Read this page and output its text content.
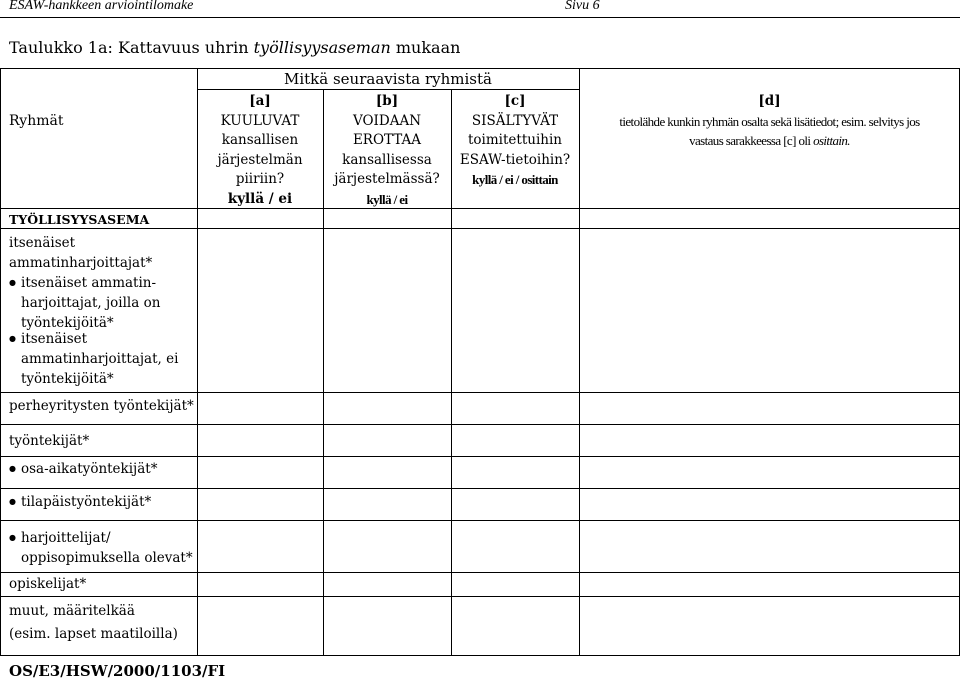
ESAW-hankkeen arviointilomake	Sivu 6
Taulukko 1a: Kattavuus uhrin työllisyysaseman mukaan
Ryhmät
Mitkä seuraavista ryhmistä
[a]
KUULUVAT
kansallisen
järjestelmän
piiriin?
kyllä / ei
[b]
VOIDAAN
EROTTAA
kansallisessa
järjestelmässä?
kyllä / ei
[c]
SISÄLTYVÄT
toimitettuihin
ESAW-tietoihin?
kyllä / ei / osittain
[d]
tietolähde kunkin ryhmän osalta sekä lisätiedot; esim. selvitys jos
vastaus sarakkeessa [c] oli osittain.
TYÖLLISYYSASEMA
itsenäiset
ammatinharjoittajat*
● itsenäiset ammatin-
harjoittajat, joilla on
työntekijöitä*
● itsenäiset
ammatinharjoittajat, ei
työntekijöitä*
perheyritysten työntekijät*
työntekijät*
● osa-aikatyöntekijät*
● tilapäistyöntekijät*
● harjoittelijat/
oppisopimuksella olevat*
opiskelijat*
muut, määritelkää
(esim. lapset maatiloilla)
OS/E3/HSW/2000/1103/FI
